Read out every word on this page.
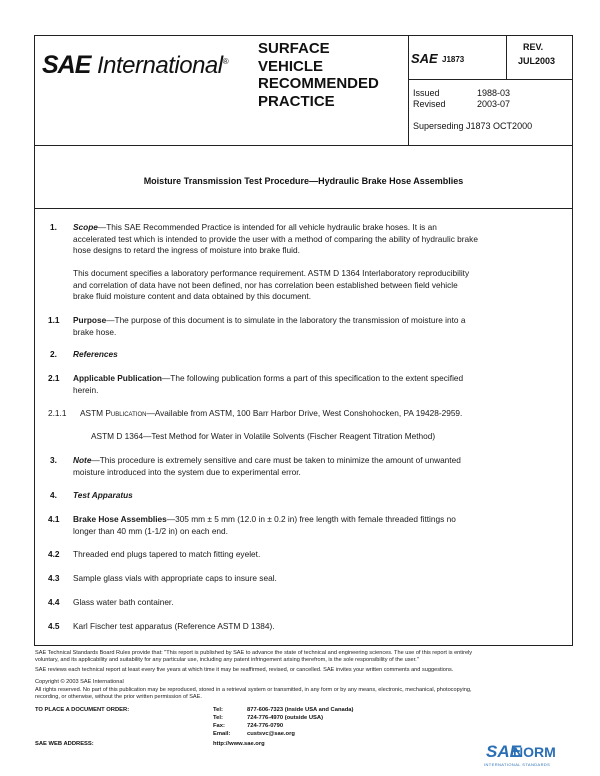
SAE International®
SURFACE
VEHICLE
RECOMMENDED
PRACTICE
SAE J1873
REV.
JUL2003
Issued	1988-03
Revised	2003-07
Superseding J1873 OCT2000
Moisture Transmission Test Procedure—Hydraulic Brake Hose Assemblies
1. Scope—This SAE Recommended Practice is intended for all vehicle hydraulic brake hoses. It is an
accelerated test which is intended to provide the user with a method of comparing the ability of hydraulic brake
hose designs to retard the ingress of moisture into brake fluid.
This document specifies a laboratory performance requirement. ASTM D 1364 Interlaboratory reproducibility
and correlation of data have not been defined, nor has correlation been established between field vehicle
brake fluid moisture content and data obtained by this document.
1.1 Purpose—The purpose of this document is to simulate in the laboratory the transmission of moisture into a
brake hose.
2. References
2.1 Applicable Publication—The following publication forms a part of this specification to the extent specified
herein.
2.1.1 ASTM Publication—Available from ASTM, 100 Barr Harbor Drive, West Conshohocken, PA 19428-2959.
ASTM D 1364—Test Method for Water in Volatile Solvents (Fischer Reagent Titration Method)
3. Note—This procedure is extremely sensitive and care must be taken to minimize the amount of unwanted
moisture introduced into the system due to experimental error.
4. Test Apparatus
4.1 Brake Hose Assemblies—305 mm ± 5 mm (12.0 in ± 0.2 in) free length with female threaded fittings no
longer than 40 mm (1-1/2 in) on each end.
4.2 Threaded end plugs tapered to match fitting eyelet.
4.3 Sample glass vials with appropriate caps to insure seal.
4.4 Glass water bath container.
4.5 Karl Fischer test apparatus (Reference ASTM D 1384).
SAE Technical Standards Board Rules provide that: "This report is published by SAE to advance the state of technical and engineering sciences. The use of this report is entirely
voluntary, and its applicability and suitability for any particular use, including any patent infringement arising therefrom, is the sole responsibility of the user."
SAE reviews each technical report at least every five years at which time it may be reaffirmed, revised, or cancelled. SAE invites your written comments and suggestions.
Copyright © 2003 SAE International
All rights reserved. No part of this publication may be reproduced, stored in a retrieval system or transmitted, in any form or by any means, electronic, mechanical, photocopying,
recording, or otherwise, without the prior written permission of SAE.
TO PLACE A DOCUMENT ORDER:	Tel:	877-606-7323 (inside USA and Canada)
Tel:	724-776-4970 (outside USA)
Fax:	724-776-0790
Email:	custsvc@sae.org
SAE WEB ADDRESS:	http://www.sae.org	SAE
NORM
INTERNATIONAL STANDARDS
